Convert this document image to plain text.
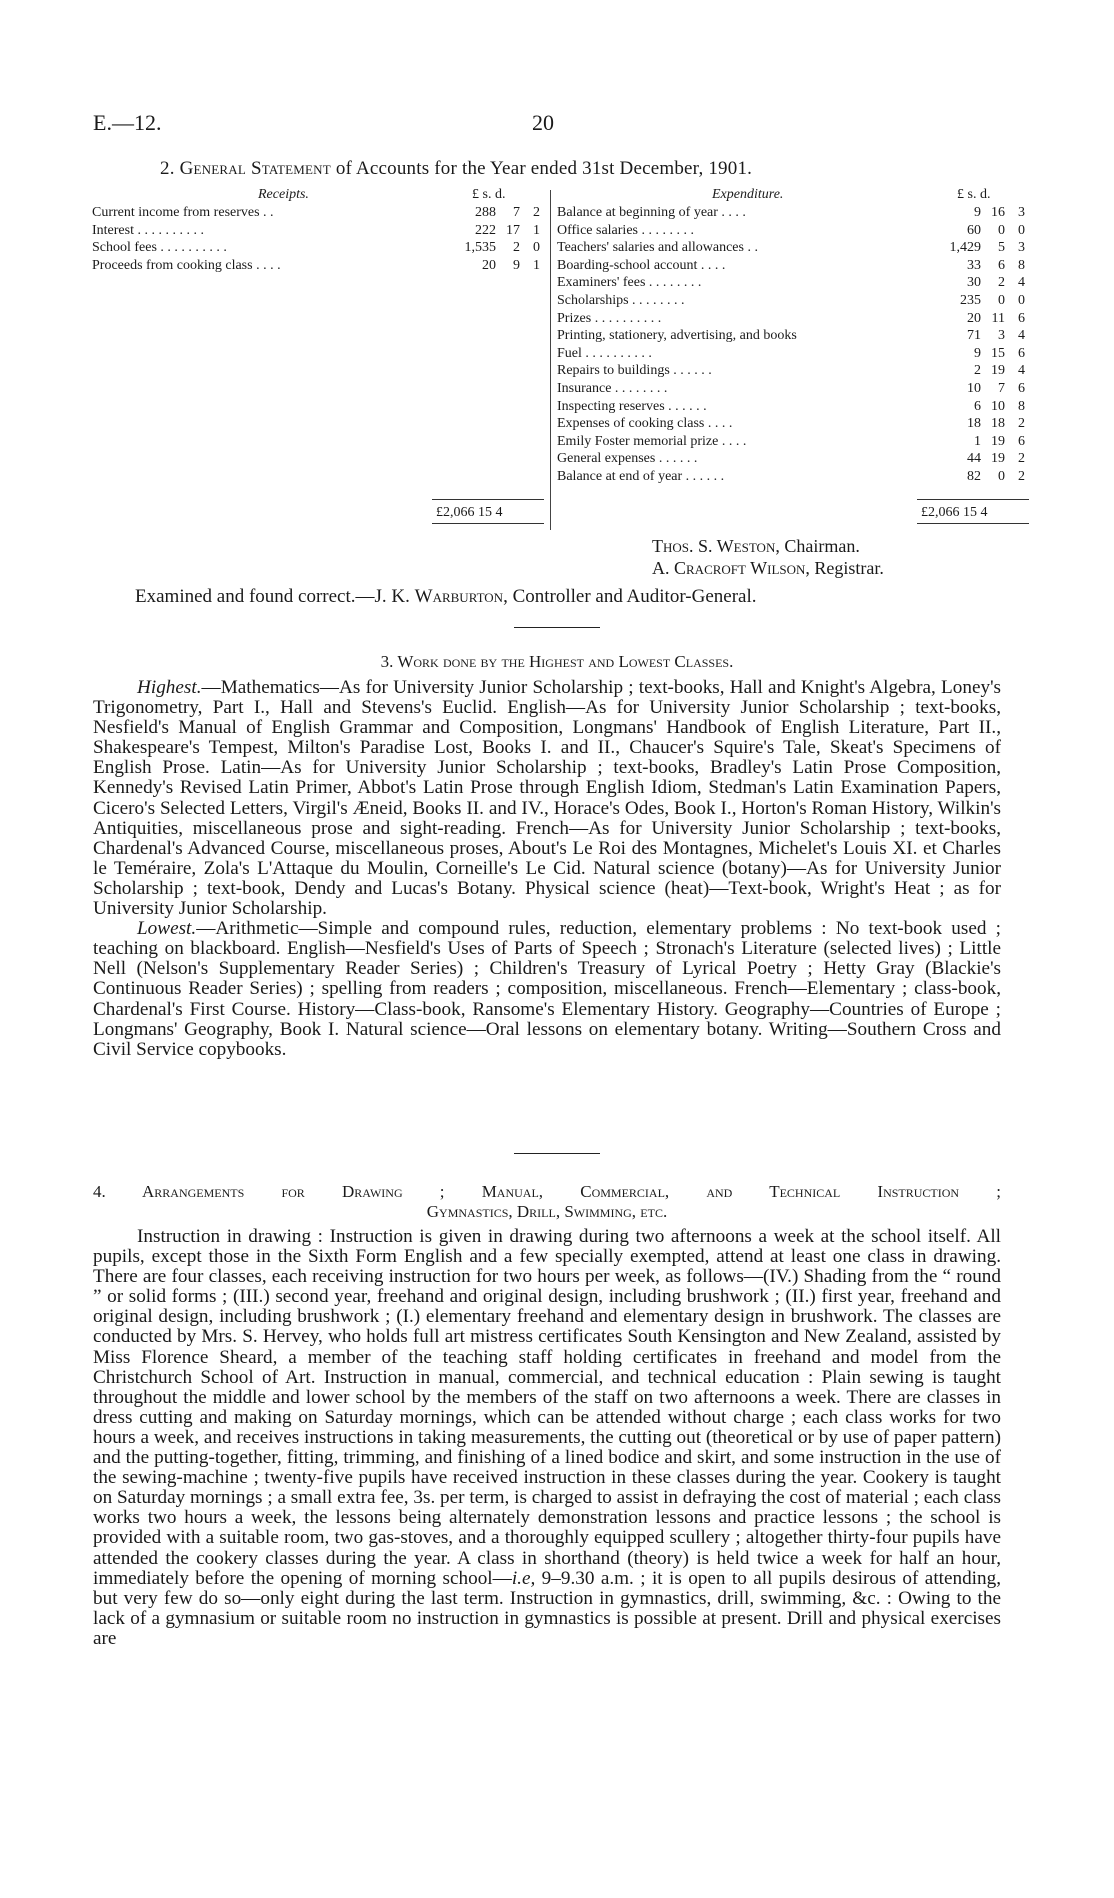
E.—12.	20
2. General Statement of Accounts for the Year ended 31st December, 1901.
Receipts.	£ s. d.
£2,066 15 4
Current income from reserves . .	288	7 2
Interest . . . . . . . . . .	222 17 1
School fees . . . . . . . . . .	1,535	2 0
Proceeds from cooking class . . . .	20	9 1
Expenditure.	£ s. d.
£2,066 15 4
Balance at beginning of year . . . .	9 16 3
Office salaries . . . . . . . .	60	0 0
Teachers' salaries and allowances . .	1,429	5 3
Boarding-school account . . . .	33	6 8
Examiners' fees . . . . . . . .	30	2 4
Scholarships . . . . . . . .	235	0 0
Prizes . . . . . . . . . .	20 11 6
Printing, stationery, advertising, and books	71	3 4
Fuel . . . . . . . . . .	9 15 6
Repairs to buildings . . . . . .	2 19 4
Insurance . . . . . . . .	10	7 6
Inspecting reserves . . . . . .	6 10 8
Expenses of cooking class . . . .	18 18 2
Emily Foster memorial prize . . . .	1 19 6
General expenses . . . . . .	44 19 2
Balance at end of year . . . . . .	82	0 2
Thos. S. Weston, Chairman.
A. Cracroft Wilson, Registrar.
Examined and found correct.—J. K. Warburton, Controller and Auditor-General.
3. Work done by the Highest and Lowest Classes.

Highest.—Mathematics—As for University Junior Scholarship ; text-books, Hall and Knight's Algebra, Loney's Trigonometry, Part I., Hall and Stevens's Euclid. English—As for University Junior Scholarship ; text-books, Nesfield's Manual of English Grammar and Composition, Longmans' Handbook of English Literature, Part II., Shakespeare's Tempest, Milton's Paradise Lost, Books I. and II., Chaucer's Squire's Tale, Skeat's Specimens of English Prose. Latin—As for University Junior Scholarship ; text-books, Bradley's Latin Prose Composition, Kennedy's Revised Latin Primer, Abbot's Latin Prose through English Idiom, Stedman's Latin Examination Papers, Cicero's Selected Letters, Virgil's Æneid, Books II. and IV., Horace's Odes, Book I., Horton's Roman History, Wilkin's Antiquities, miscellaneous prose and sight-reading. French—As for University Junior Scholarship ; text-books, Chardenal's Advanced Course, miscellaneous proses, About's Le Roi des Montagnes, Michelet's Louis XI. et Charles le Teméraire, Zola's L'Attaque du Moulin, Corneille's Le Cid. Natural science (botany)—As for University Junior Scholarship ; text-book, Dendy and Lucas's Botany. Physical science (heat)—Text-book, Wright's Heat ; as for University Junior Scholarship.

Lowest.—Arithmetic—Simple and compound rules, reduction, elementary problems : No text-book used ; teaching on blackboard. English—Nesfield's Uses of Parts of Speech ; Stronach's Literature (selected lives) ; Little Nell (Nelson's Supplementary Reader Series) ; Children's Treasury of Lyrical Poetry ; Hetty Gray (Blackie's Continuous Reader Series) ; spelling from readers ; composition, miscellaneous. French—Elementary ; class-book, Chardenal's First Course. History—Class-book, Ransome's Elementary History. Geography—Countries of Europe ; Longmans' Geography, Book I. Natural science—Oral lessons on elementary botany. Writing—Southern Cross and Civil Service copybooks.

4. Arrangements for Drawing ; Manual, Commercial, and Technical Instruction ;
Gymnastics, Drill, Swimming, etc.

Instruction in drawing : Instruction is given in drawing during two afternoons a week at the school itself. All pupils, except those in the Sixth Form English and a few specially exempted, attend at least one class in drawing. There are four classes, each receiving instruction for two hours per week, as follows—(IV.) Shading from the “ round ” or solid forms ; (III.) second year, freehand and original design, including brushwork ; (II.) first year, freehand and original design, including brushwork ; (I.) elementary freehand and elementary design in brushwork. The classes are conducted by Mrs. S. Hervey, who holds full art mistress certificates South Kensington and New Zealand, assisted by Miss Florence Sheard, a member of the teaching staff holding certificates in freehand and model from the Christchurch School of Art. Instruction in manual, commercial, and technical education : Plain sewing is taught throughout the middle and lower school by the members of the staff on two afternoons a week. There are classes in dress cutting and making on Saturday mornings, which can be attended without charge ; each class works for two hours a week, and receives instructions in taking measurements, the cutting out (theoretical or by use of paper pattern) and the putting-together, fitting, trimming, and finishing of a lined bodice and skirt, and some instruction in the use of the sewing-machine ; twenty-five pupils have received instruction in these classes during the year. Cookery is taught on Saturday mornings ; a small extra fee, 3s. per term, is charged to assist in defraying the cost of material ; each class works two hours a week, the lessons being alternately demonstration lessons and practice lessons ; the school is provided with a suitable room, two gas-stoves, and a thoroughly equipped scullery ; altogether thirty-four pupils have attended the cookery classes during the year. A class in shorthand (theory) is held twice a week for half an hour, immediately before the opening of morning school—i.e, 9–9.30 a.m. ; it is open to all pupils desirous of attending, but very few do so—only eight during the last term. Instruction in gymnastics, drill, swimming, &c. : Owing to the lack of a gymnasium or suitable room no instruction in gymnastics is possible at present. Drill and physical exercises are
